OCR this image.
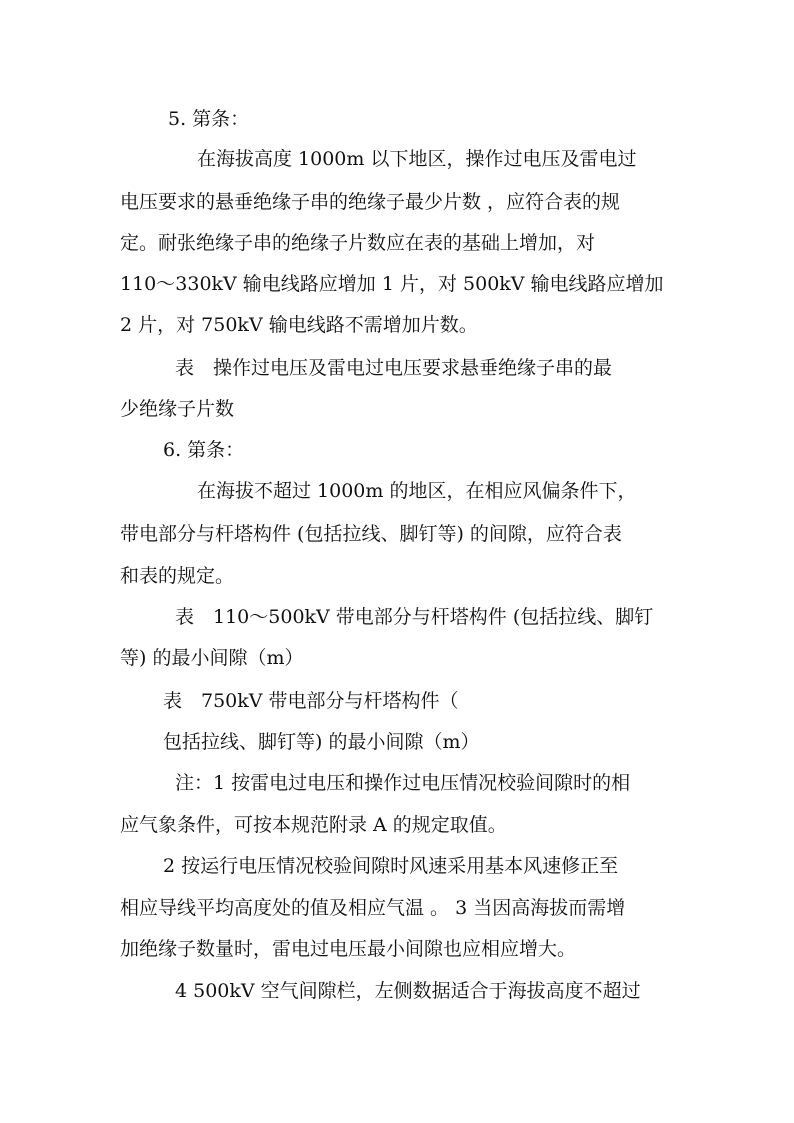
5. 第条：

在海拔高度 1000m 以下地区，操作过电压及雷电过

电压要求的悬垂绝缘子串的绝缘子最少片数 ，应符合表的规

定。耐张绝缘子串的绝缘子片数应在表的基础上增加，对

110～330kV 输电线路应增加 1 片，对 500kV 输电线路应增加

2 片，对 750kV 输电线路不需增加片数。

表　操作过电压及雷电过电压要求悬垂绝缘子串的最

少绝缘子片数

6. 第条：

在海拔不超过 1000m 的地区，在相应风偏条件下，

带电部分与杆塔构件 (包括拉线、脚钉等) 的间隙，应符合表

和表的规定。

表　110～500kV 带电部分与杆塔构件 (包括拉线、脚钉

等) 的最小间隙（m）

表　750kV 带电部分与杆塔构件（

包括拉线、脚钉等) 的最小间隙（m）

注：1 按雷电过电压和操作过电压情况校验间隙时的相

应气象条件，可按本规范附录 A 的规定取值。

2 按运行电压情况校验间隙时风速采用基本风速修正至

相应导线平均高度处的值及相应气温 。 3 当因高海拔而需增

加绝缘子数量时，雷电过电压最小间隙也应相应增大。

4 500kV 空气间隙栏，左侧数据适合于海拔高度不超过
